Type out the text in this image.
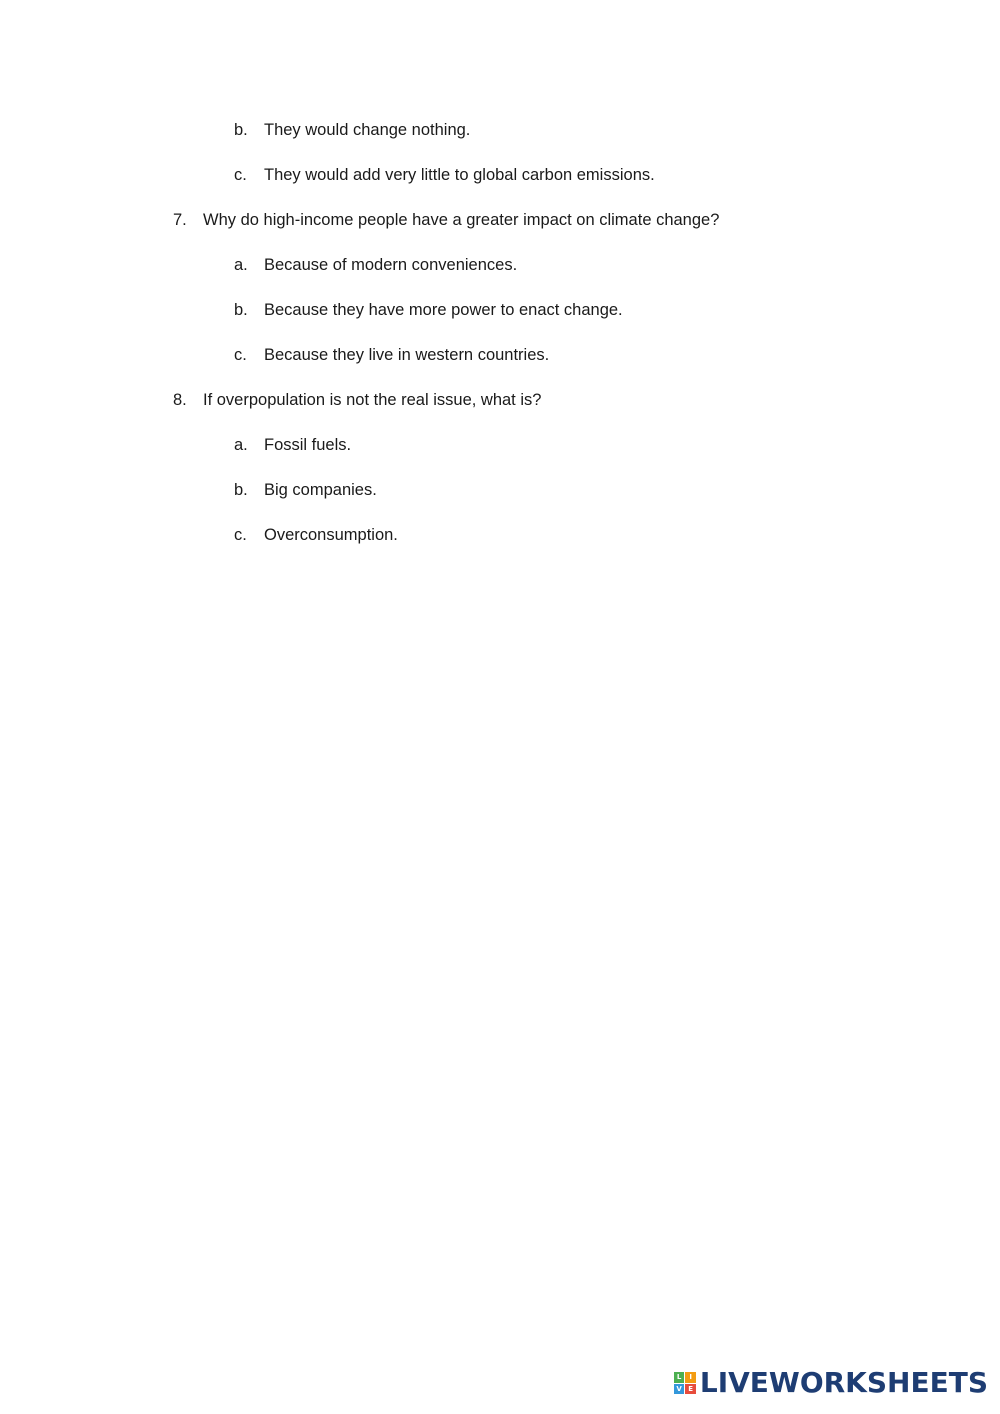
b. They would change nothing.
c. They would add very little to global carbon emissions.
7. Why do high-income people have a greater impact on climate change?
a. Because of modern conveniences.
b. Because they have more power to enact change.
c. Because they live in western countries.
8. If overpopulation is not the real issue, what is?
a. Fossil fuels.
b. Big companies.
c. Overconsumption.
L	I
V E LIVEWORKSHEETS
